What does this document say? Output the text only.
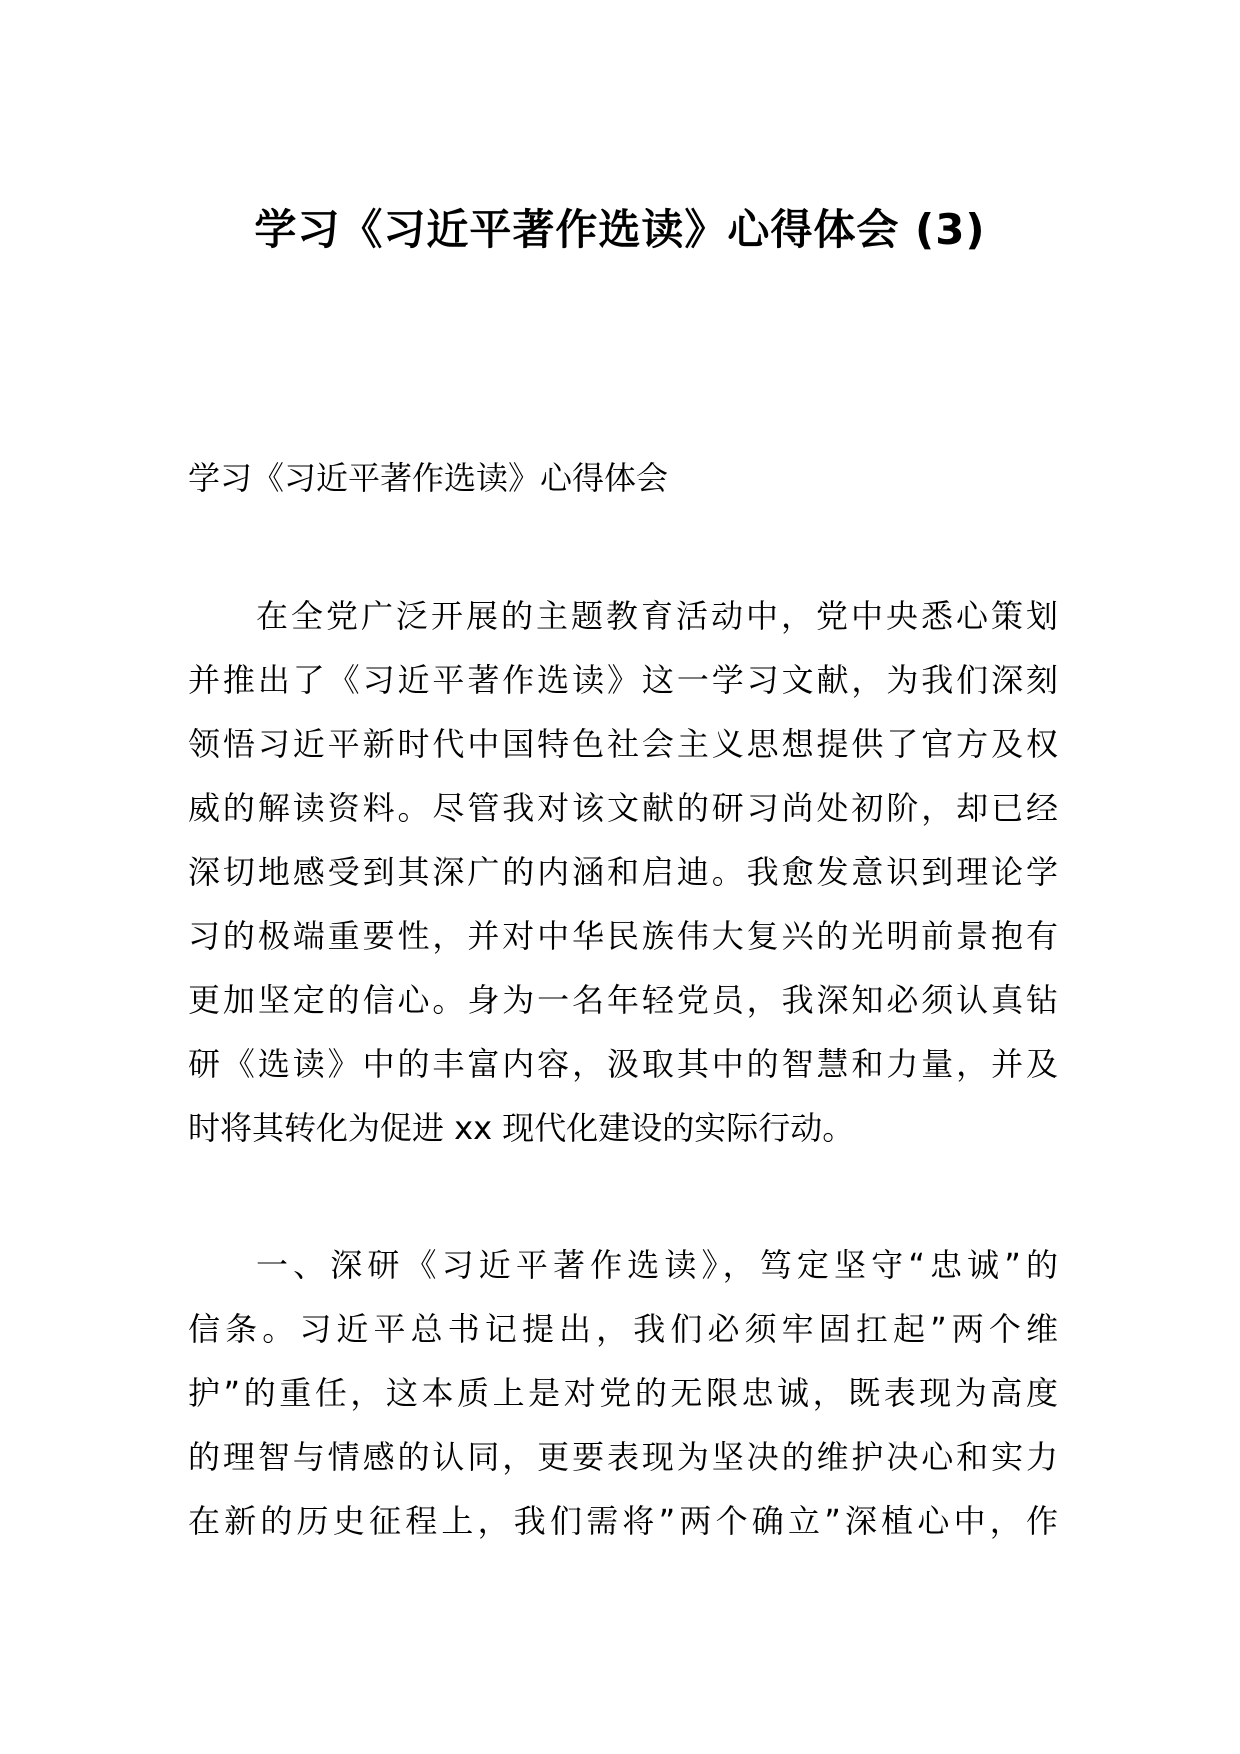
学习《习近平著作选读》心得体会 (3)
学习《习近平著作选读》心得体会
在全党广泛开展的主题教育活动中，党中央悉心策划
并推出了《习近平著作选读》这一学习文献，为我们深刻
领悟习近平新时代中国特色社会主义思想提供了官方及权
威的解读资料。尽管我对该文献的研习尚处初阶，却已经
深切地感受到其深广的内涵和启迪。我愈发意识到理论学
习的极端重要性，并对中华民族伟大复兴的光明前景抱有
更加坚定的信心。身为一名年轻党员，我深知必须认真钻
研《选读》中的丰富内容，汲取其中的智慧和力量，并及
时将其转化为促进 xx 现代化建设的实际行动。
一、深研《习近平著作选读》，笃定坚守“忠诚”的
信条。习近平总书记提出，我们必须牢固扛起”两个维
护”的重任，这本质上是对党的无限忠诚，既表现为高度
的理智与情感的认同，更要表现为坚决的维护决心和实力
在新的历史征程上，我们需将”两个确立”深植心中，作
